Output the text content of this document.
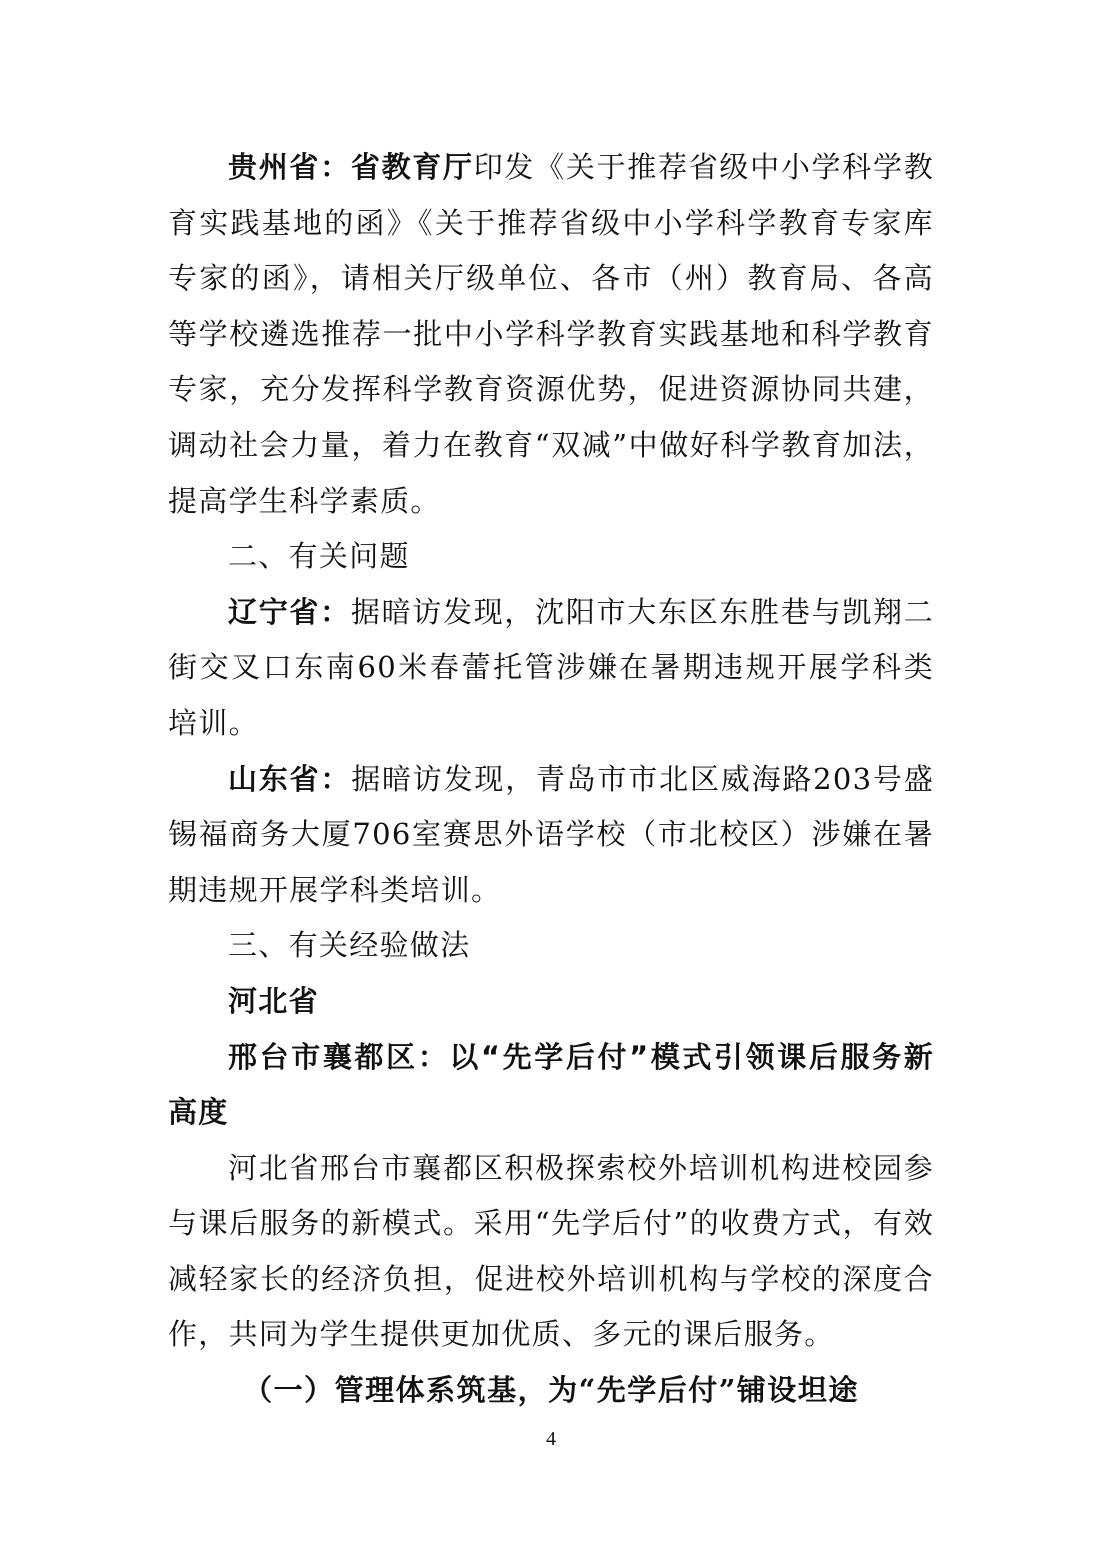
贵州省：省教育厅印发《关于推荐省级中小学科学教育实践基地的函》《关于推荐省级中小学科学教育专家库专家的函》，请相关厅级单位、各市（州）教育局、各高等学校遴选推荐一批中小学科学教育实践基地和科学教育专家，充分发挥科学教育资源优势，促进资源协同共建，调动社会力量，着力在教育“双减”中做好科学教育加法，提高学生科学素质。

二、有关问题

辽宁省：据暗访发现，沈阳市大东区东胜巷与凯翔二街交叉口东南60米春蕾托管涉嫌在暑期违规开展学科类培训。

山东省：据暗访发现，青岛市市北区威海路203号盛锡福商务大厦706室赛思外语学校（市北校区）涉嫌在暑期违规开展学科类培训。

三、有关经验做法

河北省

邢台市襄都区：以“先学后付”模式引领课后服务新高度

河北省邢台市襄都区积极探索校外培训机构进校园参与课后服务的新模式。采用“先学后付”的收费方式，有效减轻家长的经济负担，促进校外培训机构与学校的深度合作，共同为学生提供更加优质、多元的课后服务。

（一）管理体系筑基，为“先学后付”铺设坦途

4
